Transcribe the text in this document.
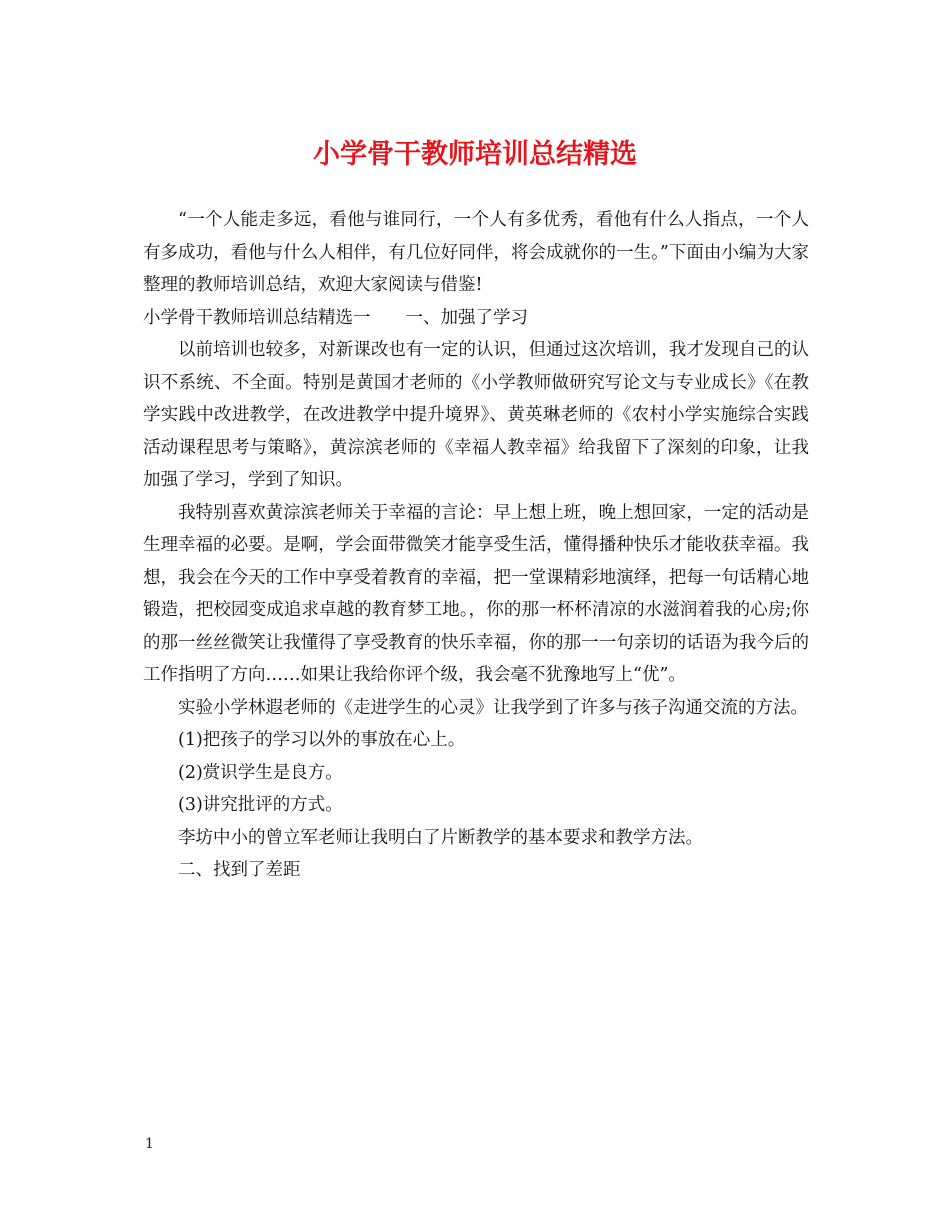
小学骨干教师培训总结精选

“一个人能走多远，看他与谁同行，一个人有多优秀，看他有什么人指点，一个人有多成功，看他与什么人相伴，有几位好同伴，将会成就你的一生。”下面由小编为大家整理的教师培训总结，欢迎大家阅读与借鉴!

小学骨干教师培训总结精选一　　一、加强了学习

以前培训也较多，对新课改也有一定的认识，但通过这次培训，我才发现自己的认识不系统、不全面。特别是黄国才老师的《小学教师做研究写论文与专业成长》《在教学实践中改进教学，在改进教学中提升境界》、黄英琳老师的《农村小学实施综合实践活动课程思考与策略》，黄淙滨老师的《幸福人教幸福》给我留下了深刻的印象，让我加强了学习，学到了知识。

我特别喜欢黄淙滨老师关于幸福的言论：早上想上班，晚上想回家，一定的活动是生理幸福的必要。是啊，学会面带微笑才能享受生活，懂得播种快乐才能收获幸福。我想，我会在今天的工作中享受着教育的幸福，把一堂课精彩地演绎，把每一句话精心地锻造，把校园变成追求卓越的教育梦工地。，你的那一杯杯清凉的水滋润着我的心房;你的那一丝丝微笑让我懂得了享受教育的快乐幸福，你的那一一句亲切的话语为我今后的工作指明了方向……如果让我给你评个级，我会毫不犹豫地写上“优”。

实验小学林遐老师的《走进学生的心灵》让我学到了许多与孩子沟通交流的方法。

(1)把孩子的学习以外的事放在心上。

(2)赏识学生是良方。

(3)讲究批评的方式。

李坊中小的曾立军老师让我明白了片断教学的基本要求和教学方法。

二、找到了差距

1
